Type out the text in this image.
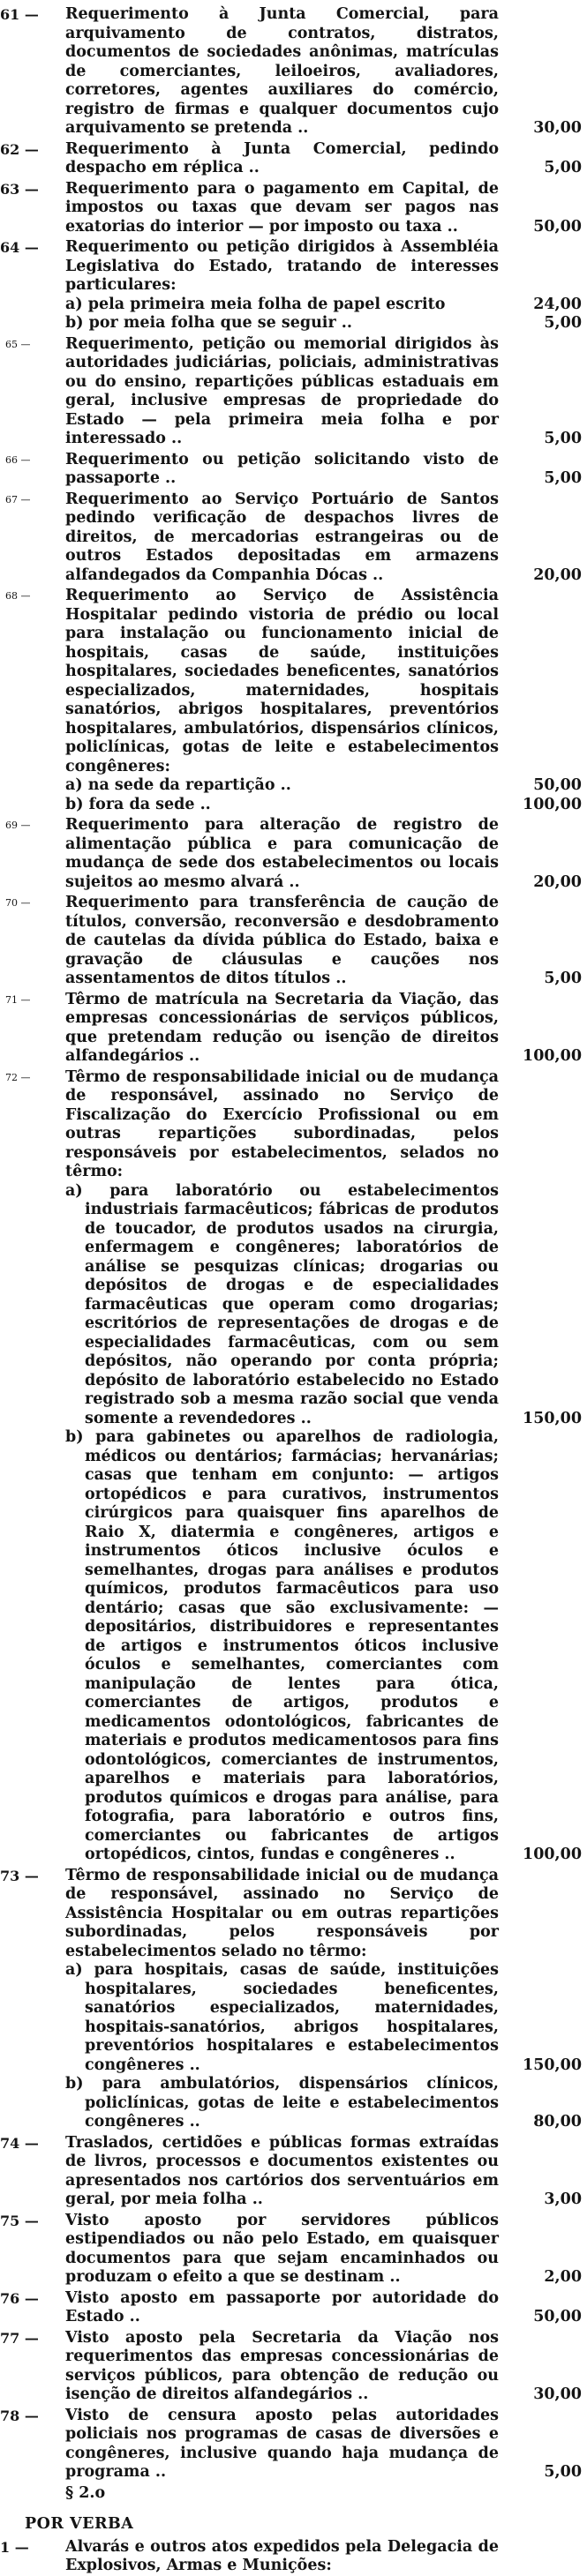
61 —	Requerimento à Junta Comercial, para arquivamento de contratos, distratos, documentos de sociedades anônimas, matrículas de comerciantes, leiloeiros, avaliadores, corretores, agentes auxiliares do comércio, registro de firmas e qualquer documentos cujo arquivamento se pretenda ..	30,00
62 —	Requerimento à Junta Comercial, pedindo despacho em réplica ..	5,00
63 —	Requerimento para o pagamento em Capital, de impostos ou taxas que devam ser pagos nas exatorias do interior — por imposto ou taxa ..	50,00
64 —	Requerimento ou petição dirigidos à Assembléia Legislativa do Estado, tratando de interesses particulares:
a) pela primeira meia folha de papel escrito	24,00
b) por meia folha que se seguir ..	5,00
65 —	Requerimento, petição ou memorial dirigidos às autoridades judiciárias, policiais, administrativas ou do ensino, repartições públicas estaduais em geral, inclusive empresas de propriedade do Estado — pela primeira meia folha e por interessado ..	5,00
66 —	Requerimento ou petição solicitando visto de passaporte ..	5,00
67 —	Requerimento ao Serviço Portuário de Santos pedindo verificação de despachos livres de direitos, de mercadorias estrangeiras ou de outros Estados depositadas em armazens alfandegados da Companhia Dócas ..	20,00
68 —	Requerimento ao Serviço de Assistência Hospitalar pedindo vistoria de prédio ou local para instalação ou funcionamento inicial de hospitais, casas de saúde, instituições hospitalares, sociedades beneficentes, sanatórios especializados, maternidades, hospitais sanatórios, abrigos hospitalares, preventórios hospitalares, ambulatórios, dispensários clínicos, policlínicas, gotas de leite e estabelecimentos congêneres:
a) na sede da repartição ..	50,00
b) fora da sede ..	100,00
69 —	Requerimento para alteração de registro de alimentação pública e para comunicação de mudança de sede dos estabelecimentos ou locais sujeitos ao mesmo alvará ..	20,00
70 —	Requerimento para transferência de caução de títulos, conversão, reconversão e desdobramento de cautelas da dívida pública do Estado, baixa e gravação de cláusulas e cauções nos assentamentos de ditos títulos ..	5,00
71 —	Têrmo de matrícula na Secretaria da Viação, das empresas concessionárias de serviços públicos, que pretendam redução ou isenção de direitos alfandegários ..	100,00
72 —	Têrmo de responsabilidade inicial ou de mudança de responsável, assinado no Serviço de Fiscalização do Exercício Profissional ou em outras repartições subordinadas, pelos responsáveis por estabelecimentos, selados no têrmo:
a) para laboratório ou estabelecimentos industriais farmacêuticos; fábricas de produtos de toucador, de produtos usados na cirurgia, enfermagem e congêneres; laboratórios de análise se pesquizas clínicas; drogarias ou depósitos de drogas e de especialidades farmacêuticas que operam como drogarias; escritórios de representações de drogas e de especialidades farmacêuticas, com ou sem depósitos, não operando por conta própria; depósito de laboratório estabelecido no Estado registrado sob a mesma razão social que venda somente a revendedores ..	150,00
b) para gabinetes ou aparelhos de radiologia, médicos ou dentários; farmácias; hervanárias; casas que tenham em conjunto: — artigos ortopédicos e para curativos, instrumentos cirúrgicos para quaisquer fins aparelhos de Raio X, diatermia e congêneres, artigos e instrumentos óticos inclusive óculos e semelhantes, drogas para análises e produtos químicos, produtos farmacêuticos para uso dentário; casas que são exclusivamente: — depositários, distribuidores e representantes de artigos e instrumentos óticos inclusive óculos e semelhantes, comerciantes com manipulação de lentes para ótica, comerciantes de artigos, produtos e medicamentos odontológicos, fabricantes de materiais e produtos medicamentosos para fins odontológicos, comerciantes de instrumentos, aparelhos e materiais para laboratórios, produtos químicos e drogas para análise, para fotografia, para laboratório e outros fins, comerciantes ou fabricantes de artigos ortopédicos, cintos, fundas e congêneres ..	100,00
73 —	Têrmo de responsabilidade inicial ou de mudança de responsável, assinado no Serviço de Assistência Hospitalar ou em outras repartições subordinadas, pelos responsáveis por estabelecimentos selado no têrmo:
a) para hospitais, casas de saúde, instituições hospitalares, sociedades beneficentes, sanatórios especializados, maternidades, hospitais-sanatórios, abrigos hospitalares, preventórios hospitalares e estabelecimentos congêneres ..	150,00
b) para ambulatórios, dispensários clínicos, policlínicas, gotas de leite e estabelecimentos congêneres ..	80,00
74 —	Traslados, certidões e públicas formas extraídas de livros, processos e documentos existentes ou apresentados nos cartórios dos serventuários em geral, por meia folha ..	3,00
75 —	Visto aposto por servidores públicos estipendiados ou não pelo Estado, em quaisquer documentos para que sejam encaminhados ou produzam o efeito a que se destinam ..	2,00
76 —	Visto aposto em passaporte por autoridade do Estado ..	50,00
77 —	Visto aposto pela Secretaria da Viação nos requerimentos das empresas concessionárias de serviços públicos, para obtenção de redução ou isenção de direitos alfandegários ..	30,00
78 —	Visto de censura aposto pelas autoridades policiais nos programas de casas de diversões e congêneres, inclusive quando haja mudança de programa ..	5,00
§ 2.o
POR VERBA
1 —	Alvarás e outros atos expedidos pela Delegacia de Explosivos, Armas e Munições:
